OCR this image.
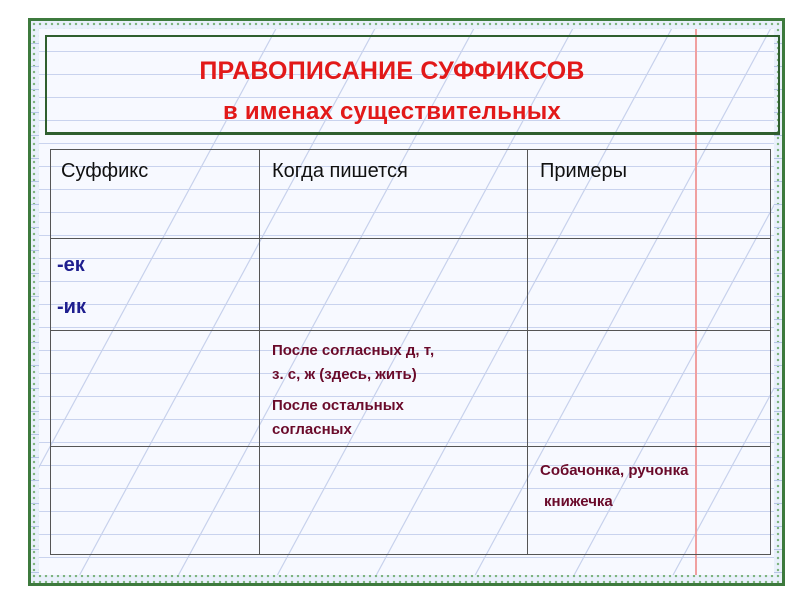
ПРАВОПИСАНИЕ СУФФИКСОВ
в именах существительных
Суффикс	Когда пишется	Примеры
-ек
-ик
После согласных д, т,
з. с, ж (здесь, жить)
После остальных
согласных
Собачонка, ручонка
книжечка
